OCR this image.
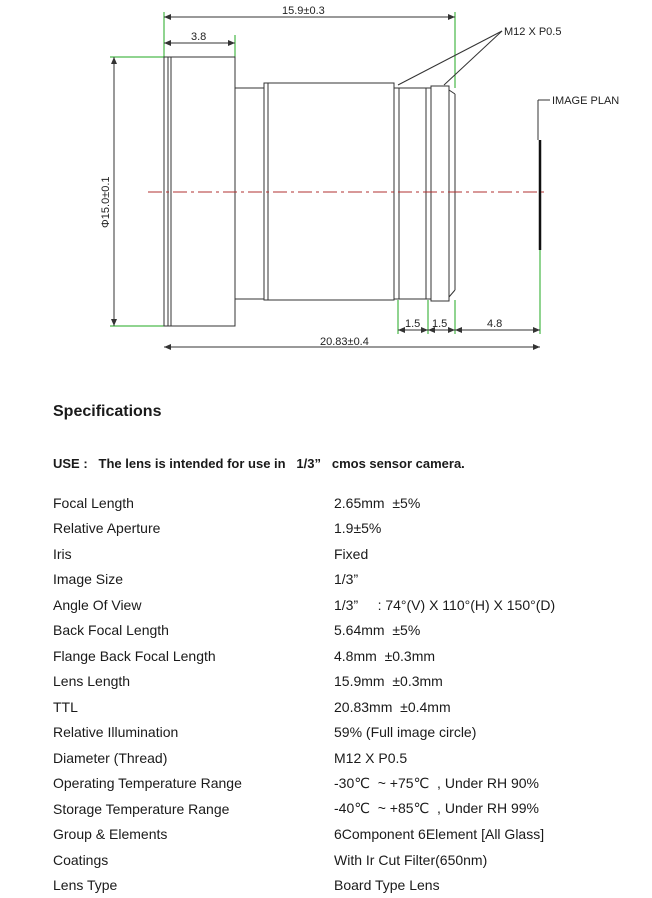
15.9±0.3
3.8	M12 X P0.5
IMAGE PLAN
Φ15.0±0.1
1.5 1.5	4.8
20.83±0.4
Specifications
USE :   The lens is intended for use in   1/3”   cmos sensor camera.
Focal Length	2.65mm  ±5%
Relative Aperture	1.9±5%
Iris	Fixed
Image Size	1/3”
Angle Of View	1/3”     : 74°(V) X 110°(H) X 150°(D)
Back Focal Length	5.64mm  ±5%
Flange Back Focal Length	4.8mm  ±0.3mm
Lens Length	15.9mm  ±0.3mm
TTL	20.83mm  ±0.4mm
Relative Illumination	59% (Full image circle)
Diameter (Thread)	M12 X P0.5
Operating Temperature Range	-30℃  ~ +75℃  , Under RH 90%
Storage Temperature Range	-40℃  ~ +85℃  , Under RH 99%
Group & Elements	6Component 6Element [All Glass]
Coatings	With Ir Cut Filter(650nm)
Lens Type	Board Type Lens
